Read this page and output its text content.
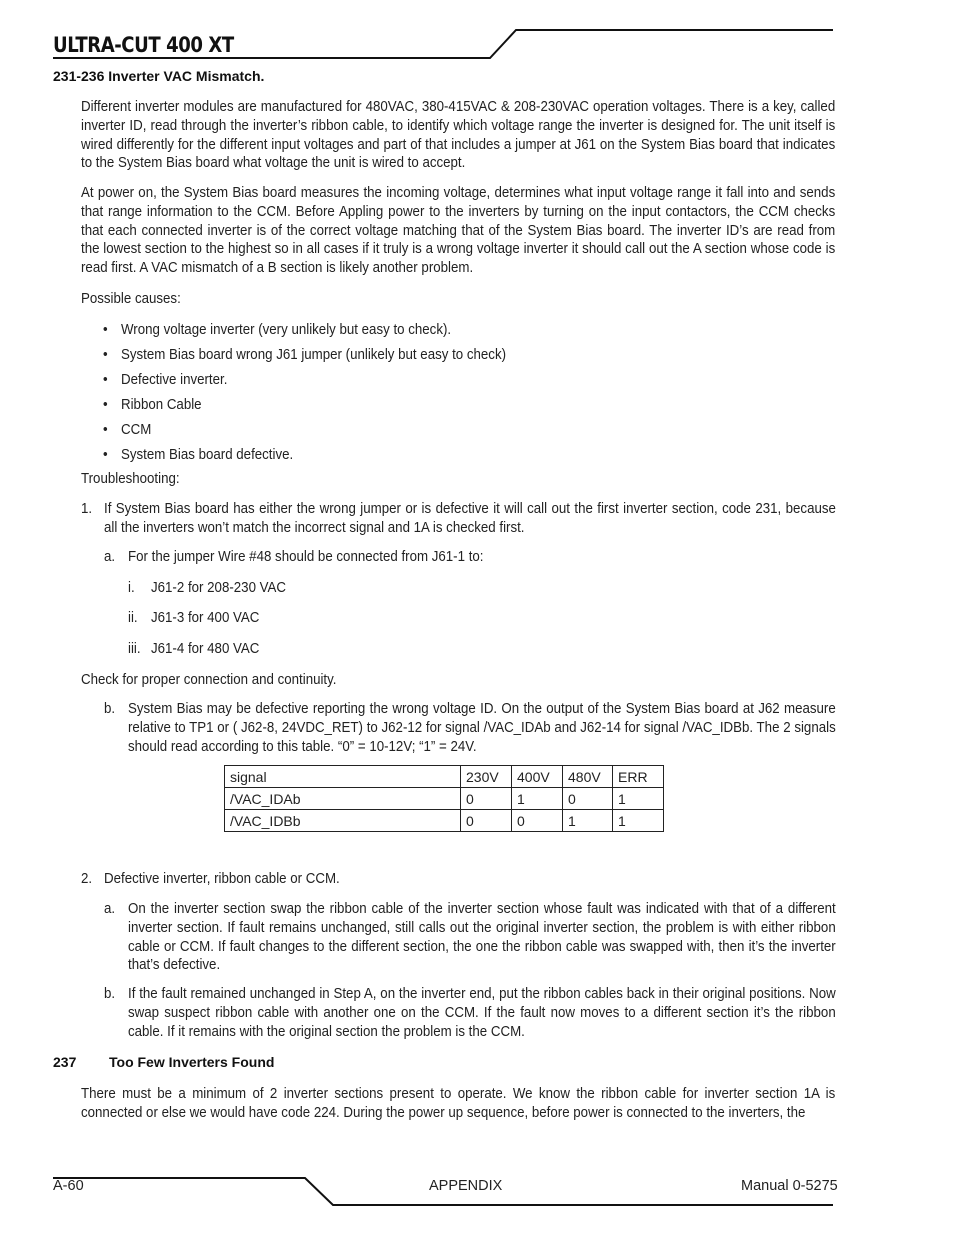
ULTRA-CUT 400 XT
231-236 Inverter VAC Mismatch.
Different inverter modules are manufactured for 480VAC, 380-415VAC & 208-230VAC operation voltages. There is a key, called inverter ID, read through the inverter’s ribbon cable, to identify which voltage range the inverter is designed for. The unit itself is wired differently for the different input voltages and part of that includes a jumper at J61 on the System Bias board that indicates to the System Bias board what voltage the unit is wired to accept.
At power on, the System Bias board measures the incoming voltage, determines what input voltage range it fall into and sends that range information to the CCM. Before Appling power to the inverters by turning on the input contactors, the CCM checks that each connected inverter is of the correct voltage matching that of the System Bias board. The inverter ID’s are read from the lowest section to the highest so in all cases if it truly is a wrong voltage inverter it should call out the A section whose code is read first. A VAC mismatch of a B section is likely another problem.
Possible causes:
• Wrong voltage inverter (very unlikely but easy to check).
• System Bias board wrong J61 jumper (unlikely but easy to check)
• Defective inverter.
• Ribbon Cable
• CCM
• System Bias board defective.
Troubleshooting:
1. If System Bias board has either the wrong jumper or is defective it will call out the first inverter section, code 231, because all the inverters won’t match the incorrect signal and 1A is checked first.
a. For the jumper Wire #48 should be connected from J61-1 to:
i. J61-2 for 208-230 VAC
ii. J61-3 for 400 VAC
iii. J61-4 for 480 VAC
Check for proper connection and continuity.
b. System Bias may be defective reporting the wrong voltage ID. On the output of the System Bias board at J62 measure relative to TP1 or ( J62-8, 24VDC_RET) to J62-12 for signal /VAC_IDAb and J62-14 for signal /VAC_IDBb. The 2 signals should read according to this table. “0” = 10-12V; “1” = 24V.
signal	230V	400V	480V	ERR
/VAC_IDAb	0	1	0	1
/VAC_IDBb	0	0	1	1
2. Defective inverter, ribbon cable or CCM.
a. On the inverter section swap the ribbon cable of the inverter section whose fault was indicated with that of a different inverter section. If fault remains unchanged, still calls out the original inverter section, the problem is with either ribbon cable or CCM. If fault changes to the different section, the one the ribbon cable was swapped with, then it’s the inverter that’s defective.
b. If the fault remained unchanged in Step A, on the inverter end, put the ribbon cables back in their original positions. Now swap suspect ribbon cable with another one on the CCM. If the fault now moves to a different section it’s the ribbon cable. If it remains with the original section the problem is the CCM.
237 Too Few Inverters Found
There must be a minimum of 2 inverter sections present to operate. We know the ribbon cable for inverter section 1A is connected or else we would have code 224. During the power up sequence, before power is connected to the inverters, the
A-60	APPENDIX	Manual 0-5275
